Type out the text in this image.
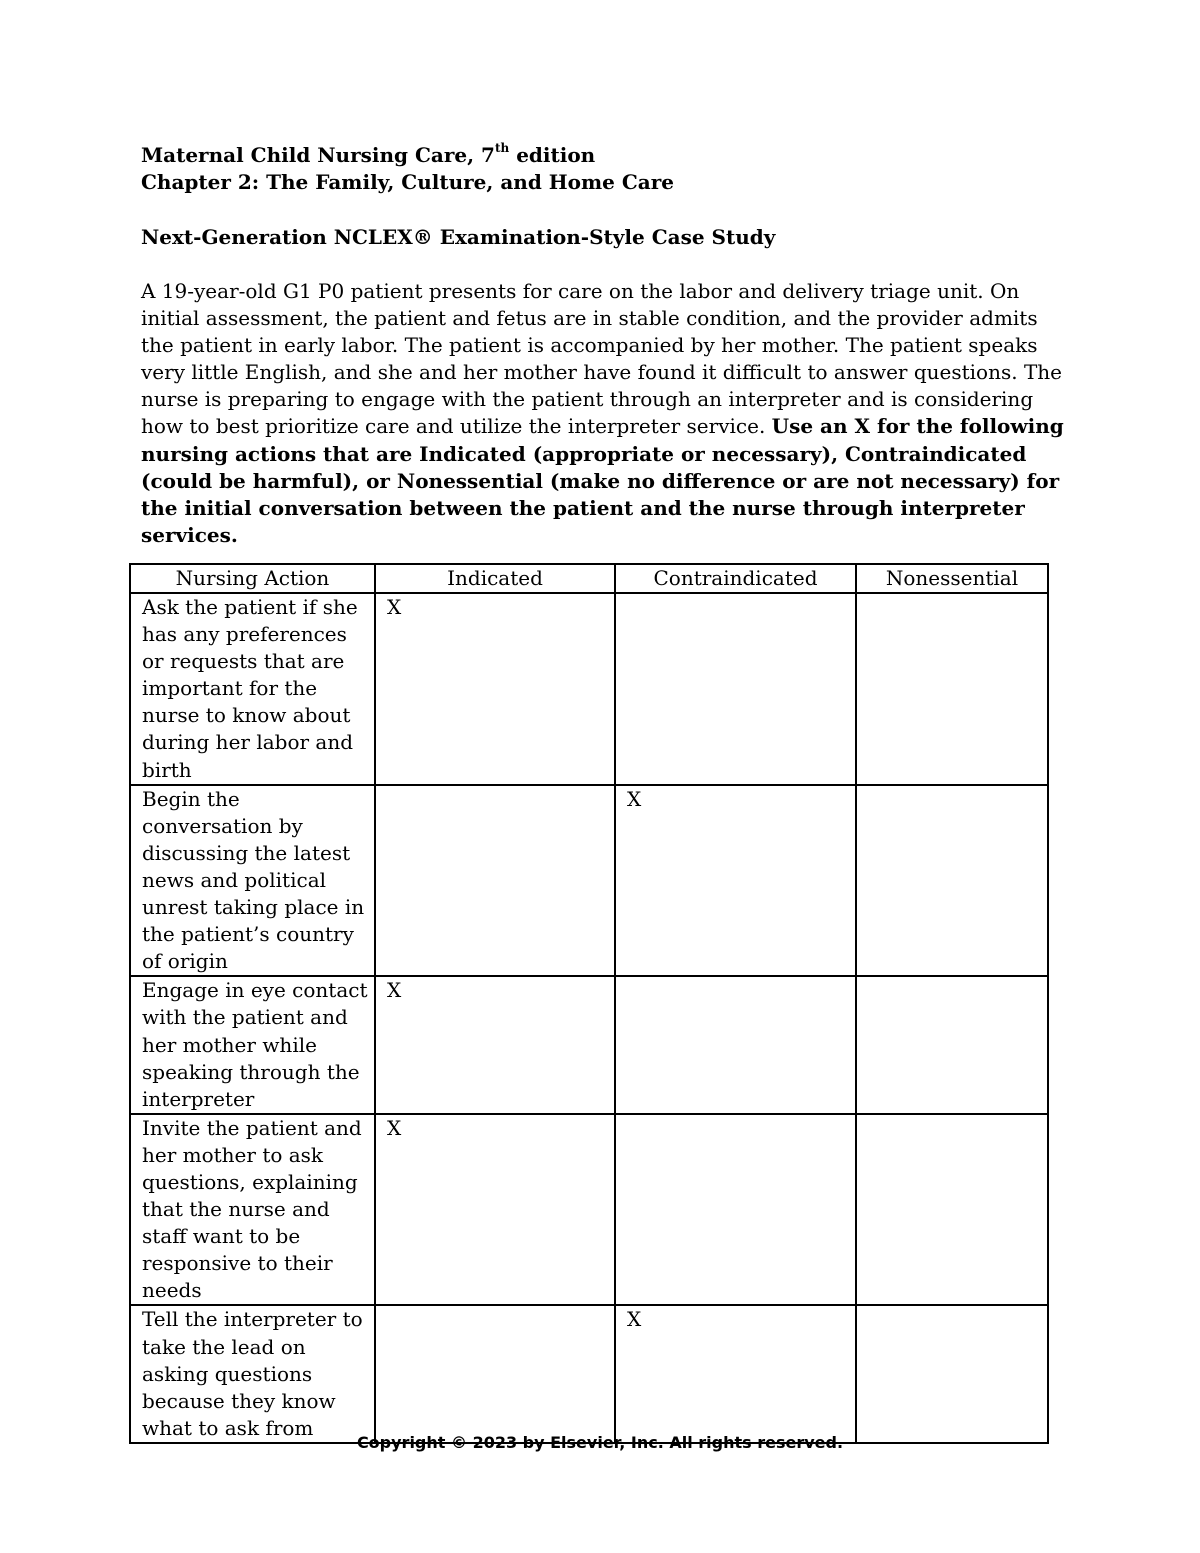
Maternal Child Nursing Care, 7th edition

Chapter 2: The Family, Culture, and Home Care

Next-Generation NCLEX® Examination-Style Case Study

A 19-year-old G1 P0 patient presents for care on the labor and delivery triage unit. On initial assessment, the patient and fetus are in stable condition, and the provider admits the patient in early labor. The patient is accompanied by her mother. The patient speaks very little English, and she and her mother have found it difficult to answer questions. The nurse is preparing to engage with the patient through an interpreter and is considering how to best prioritize care and utilize the interpreter service. Use an X for the following nursing actions that are Indicated (appropriate or necessary), Contraindicated (could be harmful), or Nonessential (make no difference or are not necessary) for the initial conversation between the patient and the nurse through interpreter services.

Nursing Action	Indicated	Contraindicated	Nonessential
Ask the patient if she has any preferences or requests that are important for the nurse to know about during her labor and birth	X		
Begin the conversation by discussing the latest news and political unrest taking place in the patient’s country of origin		X	
Engage in eye contact with the patient and her mother while speaking through the interpreter	X		
Invite the patient and her mother to ask questions, explaining that the nurse and staff want to be responsive to their needs	X		
Tell the interpreter to take the lead on asking questions because they know what to ask from		X	
Copyright © 2023 by Elsevier, Inc. All rights reserved.
